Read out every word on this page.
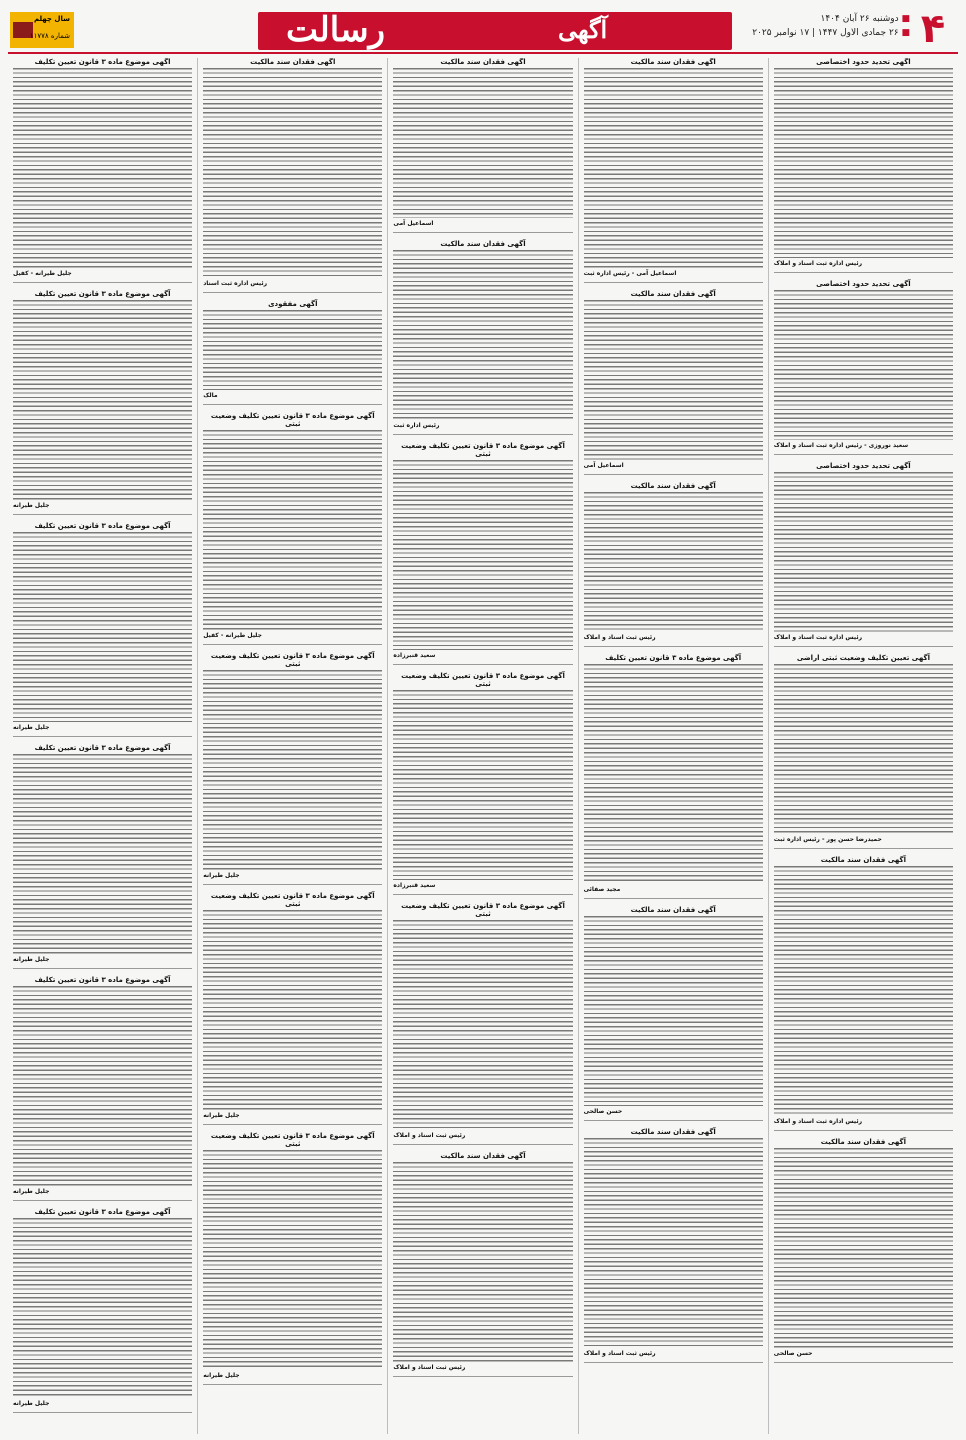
۴
■ دوشنبه ۲۶ آبان ۱۴۰۴
■ ۲۶ جمادی الاول ۱۴۴۷ | ۱۷ نوامبر ۲۰۲۵
آگهی
رسالت
سال چهلم
شماره ۱۱۷۷۸
آگهی تحدید حدود اختصاصی
رئیس اداره ثبت اسناد و املاک
آگهی تحدید حدود اختصاصی
سعید نوروزی - رئیس اداره ثبت اسناد و املاک
آگهی تحدید حدود اختصاصی
رئیس اداره ثبت اسناد و املاک
آگهی تعیین تکلیف وضعیت ثبتی اراضی
حمیدرضا حسن پور - رئیس اداره ثبت
آگهی فقدان سند مالکیت
رئیس اداره ثبت اسناد و املاک
آگهی فقدان سند مالکیت
حسن صالحی
آگهی فقدان سند مالکیت
اسماعیل آمی - رئیس اداره ثبت
آگهی فقدان سند مالکیت
اسماعیل آمی
آگهی فقدان سند مالکیت
رئیس ثبت اسناد و املاک
آگهی موضوع ماده ۳ قانون تعیین تکلیف
مجید صفائی
آگهی فقدان سند مالکیت
حسن صالحی
آگهی فقدان سند مالکیت
رئیس ثبت اسناد و املاک
آگهی فقدان سند مالکیت
اسماعیل آمی
آگهی فقدان سند مالکیت
رئیس اداره ثبت
آگهی موضوع ماده ۳ قانون تعیین تکلیف وضعیت ثبتی
سعید قنبرزاده
آگهی موضوع ماده ۳ قانون تعیین تکلیف وضعیت ثبتی
سعید قنبرزاده
آگهی موضوع ماده ۳ قانون تعیین تکلیف وضعیت ثبتی
رئیس ثبت اسناد و املاک
آگهی فقدان سند مالکیت
رئیس ثبت اسناد و املاک
آگهی فقدان سند مالکیت
رئیس اداره ثبت اسناد
آگهی مفقودی
مالک
آگهی موضوع ماده ۳ قانون تعیین تکلیف وضعیت ثبتی
جلیل طیرانه - کفیل
آگهی موضوع ماده ۳ قانون تعیین تکلیف وضعیت ثبتی
جلیل طیرانه
آگهی موضوع ماده ۳ قانون تعیین تکلیف وضعیت ثبتی
جلیل طیرانه
آگهی موضوع ماده ۳ قانون تعیین تکلیف وضعیت ثبتی
جلیل طیرانه
آگهی موضوع ماده ۳ قانون تعیین تکلیف
جلیل طیرانه - کفیل
آگهی موضوع ماده ۳ قانون تعیین تکلیف
جلیل طیرانه
آگهی موضوع ماده ۳ قانون تعیین تکلیف
جلیل طیرانه
آگهی موضوع ماده ۳ قانون تعیین تکلیف
جلیل طیرانه
آگهی موضوع ماده ۳ قانون تعیین تکلیف
جلیل طیرانه
آگهی موضوع ماده ۳ قانون تعیین تکلیف
جلیل طیرانه
